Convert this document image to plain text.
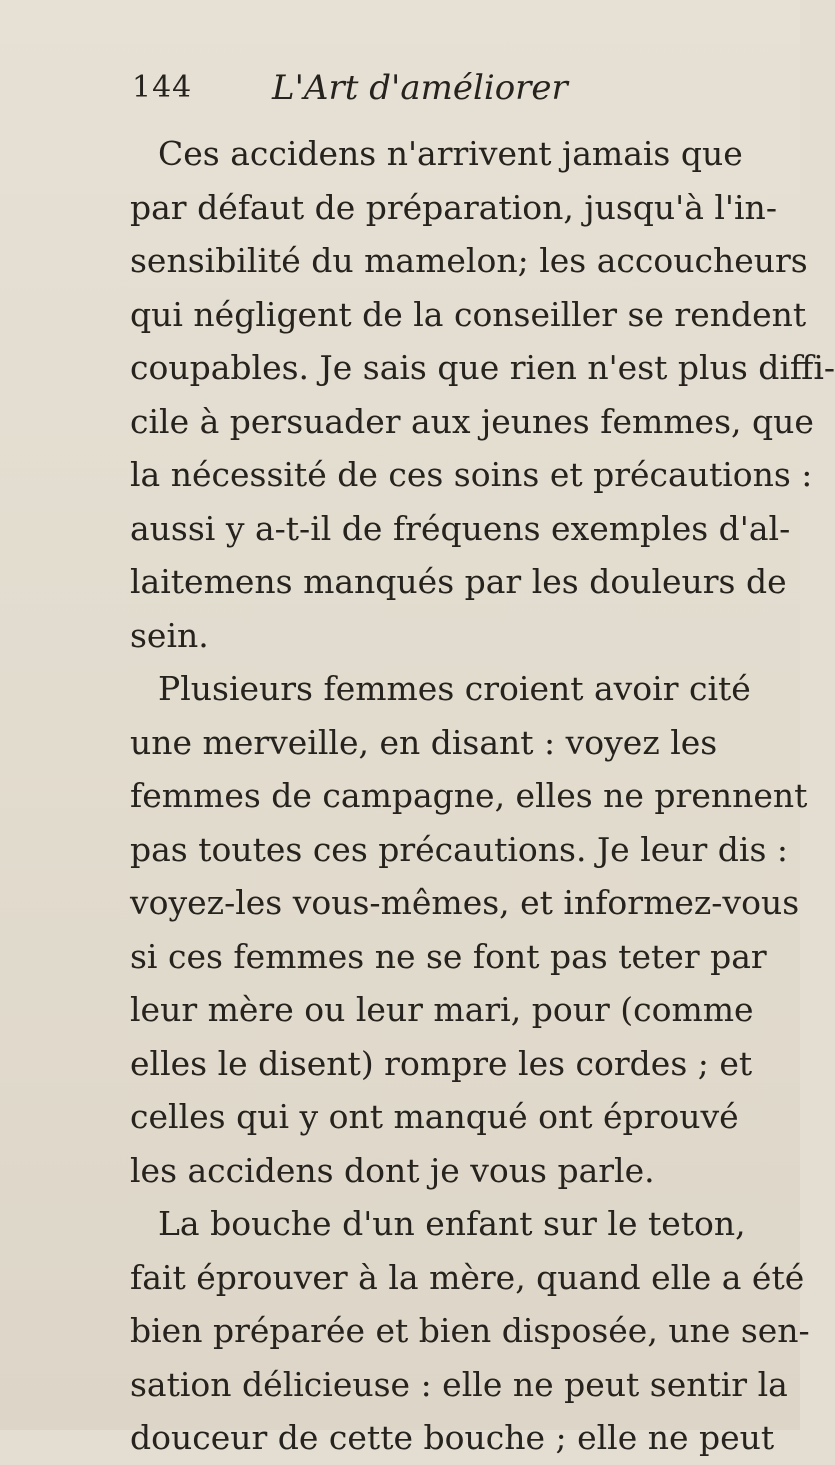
144 L'Art d'améliorer
Ces accidens n'arrivent jamais que
par défaut de préparation, jusqu'à l'in-
sensibilité du mamelon; les accoucheurs
qui négligent de la conseiller se rendent
coupables. Je sais que rien n'est plus diffi-
cile à persuader aux jeunes femmes, que
la nécessité de ces soins et précautions :
aussi y a-t-il de fréquens exemples d'al-
laitemens manqués par les douleurs de
sein.
Plusieurs femmes croient avoir cité
une merveille, en disant : voyez les
femmes de campagne, elles ne prennent
pas toutes ces précautions. Je leur dis :
voyez-les vous-mêmes, et informez-vous
si ces femmes ne se font pas teter par
leur mère ou leur mari, pour (comme
elles le disent) rompre les cordes ; et
celles qui y ont manqué ont éprouvé
les accidens dont je vous parle.
La bouche d'un enfant sur le teton,
fait éprouver à la mère, quand elle a été
bien préparée et bien disposée, une sen-
sation délicieuse : elle ne peut sentir la
douceur de cette bouche ; elle ne peut
